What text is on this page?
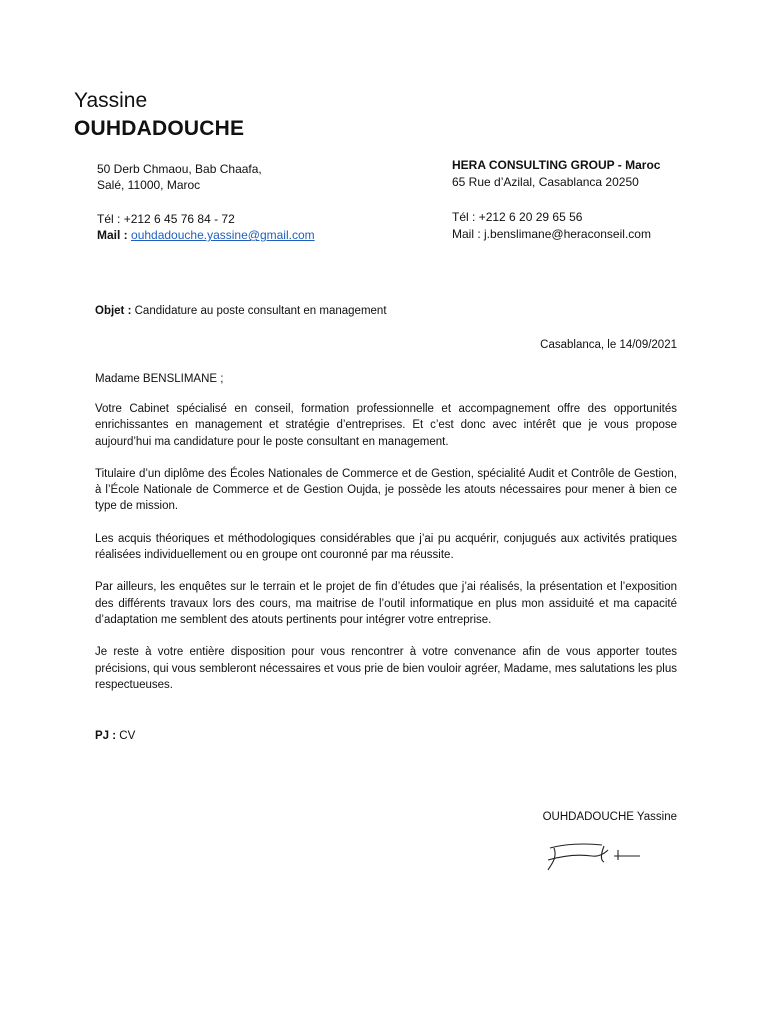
Yassine
OUHDADOUCHE
50 Derb Chmaou, Bab Chaafa,
Salé, 11000, Maroc
Tél : +212 6 45 76 84 - 72
Mail : ouhdadouche.yassine@gmail.com
HERA CONSULTING GROUP - Maroc
65 Rue d’Azilal, Casablanca 20250
Tél : +212 6 20 29 65 56
Mail : j.benslimane@heraconseil.com
Objet : Candidature au poste consultant en management
Casablanca, le 14/09/2021
Madame BENSLIMANE ;

Votre Cabinet spécialisé en conseil, formation professionnelle et accompagnement offre des opportunités enrichissantes en management et stratégie d’entreprises. Et c’est donc avec intérêt que je vous propose aujourd’hui ma candidature pour le poste consultant en management.

Titulaire d’un diplôme des Écoles Nationales de Commerce et de Gestion, spécialité Audit et Contrôle de Gestion, à l’École Nationale de Commerce et de Gestion Oujda, je possède les atouts nécessaires pour mener à bien ce type de mission.

Les acquis théoriques et méthodologiques considérables que j’ai pu acquérir, conjugués aux activités pratiques réalisées individuellement ou en groupe ont couronné par ma réussite.

Par ailleurs, les enquêtes sur le terrain et le projet de fin d’études que j’ai réalisés, la présentation et l’exposition des différents travaux lors des cours, ma maitrise de l’outil informatique en plus mon assiduité et ma capacité d’adaptation me semblent des atouts pertinents pour intégrer votre entreprise.

Je reste à votre entière disposition pour vous rencontrer à votre convenance afin de vous apporter toutes précisions, qui vous sembleront nécessaires et vous prie de bien vouloir agréer, Madame, mes salutations les plus respectueuses.

PJ : CV
OUHDADOUCHE Yassine
